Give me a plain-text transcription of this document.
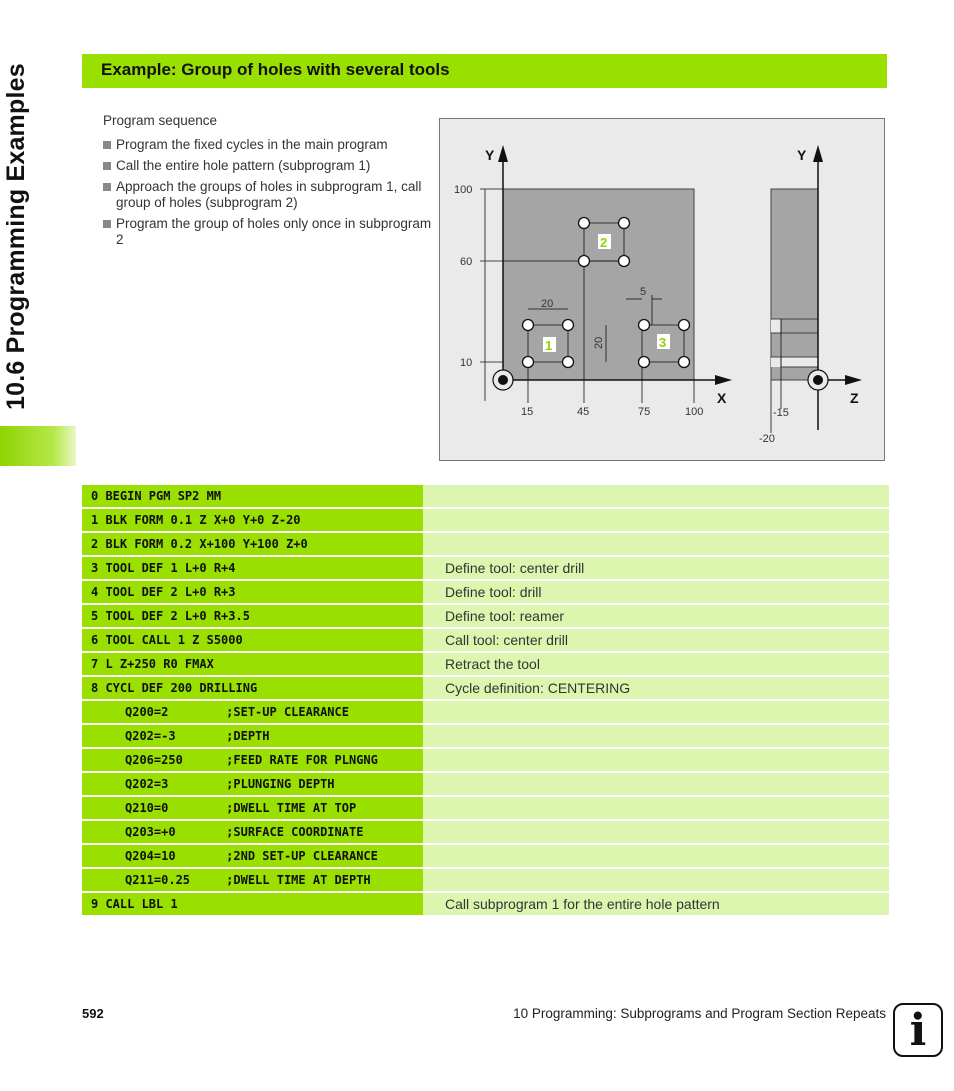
10.6 Programming Examples	Example: Group of holes with several tools

Program sequence

Program the fixed cycles in the main program
Call the entire hole pattern (subprogram 1)
Approach the groups of holes in subprogram 1, call group of holes (subprogram 2)
Program the group of holes only once in subprogram 2
Y
X
Y
Z
100
60
10
15	45	75	100	-15
-20
20
20
5
1
2
3
0 BEGIN PGM SP2 MM
1 BLK FORM 0.1 Z X+0 Y+0 Z-20
2 BLK FORM 0.2 X+100 Y+100 Z+0
3 TOOL DEF 1 L+0 R+4	Define tool: center drill
4 TOOL DEF 2 L+0 R+3	Define tool: drill
5 TOOL DEF 2 L+0 R+3.5	Define tool: reamer
6 TOOL CALL 1 Z S5000	Call tool: center drill
7 L Z+250 R0 FMAX	Retract the tool
8 CYCL DEF 200 DRILLING	Cycle definition: CENTERING
Q200=2        ;SET-UP CLEARANCE
Q202=-3       ;DEPTH
Q206=250      ;FEED RATE FOR PLNGNG
Q202=3        ;PLUNGING DEPTH
Q210=0        ;DWELL TIME AT TOP
Q203=+0       ;SURFACE COORDINATE
Q204=10       ;2ND SET-UP CLEARANCE
Q211=0.25     ;DWELL TIME AT DEPTH
9 CALL LBL 1	Call subprogram 1 for the entire hole pattern
592	10 Programming: Subprograms and Program Section Repeats i
